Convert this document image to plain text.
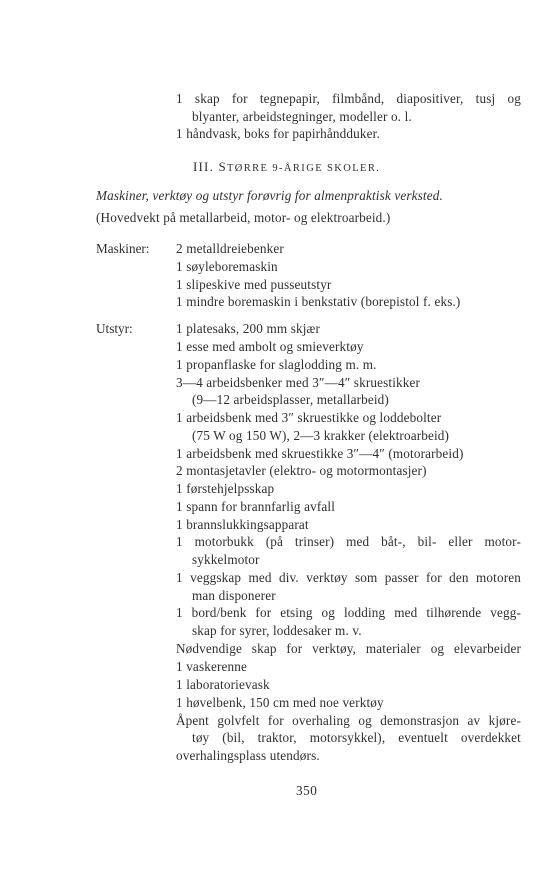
1 skap for tegnepapir, filmbånd, diapositiver, tusj og
blyanter, arbeidstegninger, modeller o. l.
1 håndvask, boks for papirhåndduker.
III. STØRRE 9-ÅRIGE SKOLER.
Maskiner, verktøy og utstyr forøvrig for almenpraktisk verksted.
(Hovedvekt på metallarbeid, motor- og elektroarbeid.)
Maskiner: 2 metalldreiebenker
1 søyleboremaskin
1 slipeskive med pusseutstyr
1 mindre boremaskin i benkstativ (borepistol f. eks.)
Utstyr:	1 platesaks, 200 mm skjær
1 esse med ambolt og smieverktøy
1 propanflaske for slaglodding m. m.
3—4 arbeidsbenker med 3″—4″ skruestikker
(9—12 arbeidsplasser, metallarbeid)
1 arbeidsbenk med 3″ skruestikke og loddebolter
(75 W og 150 W), 2—3 krakker (elektroarbeid)
1 arbeidsbenk med skruestikke 3″—4″ (motorarbeid)
2 montasjetavler (elektro- og motormontasjer)
1 førstehjelpsskap
1 spann for brannfarlig avfall
1 brannslukkingsapparat
1 motorbukk (på trinser) med båt-, bil- eller motor-
sykkelmotor
1 veggskap med div. verktøy som passer for den motoren
man disponerer
1 bord/benk for etsing og lodding med tilhørende vegg-
skap for syrer, loddesaker m. v.
Nødvendige skap for verktøy, materialer og elevarbeider
1 vaskerenne
1 laboratorievask
1 høvelbenk, 150 cm med noe verktøy
Åpent golvfelt for overhaling og demonstrasjon av kjøre-
tøy (bil, traktor, motorsykkel), eventuelt overdekket
overhalingsplass utendørs.
350
